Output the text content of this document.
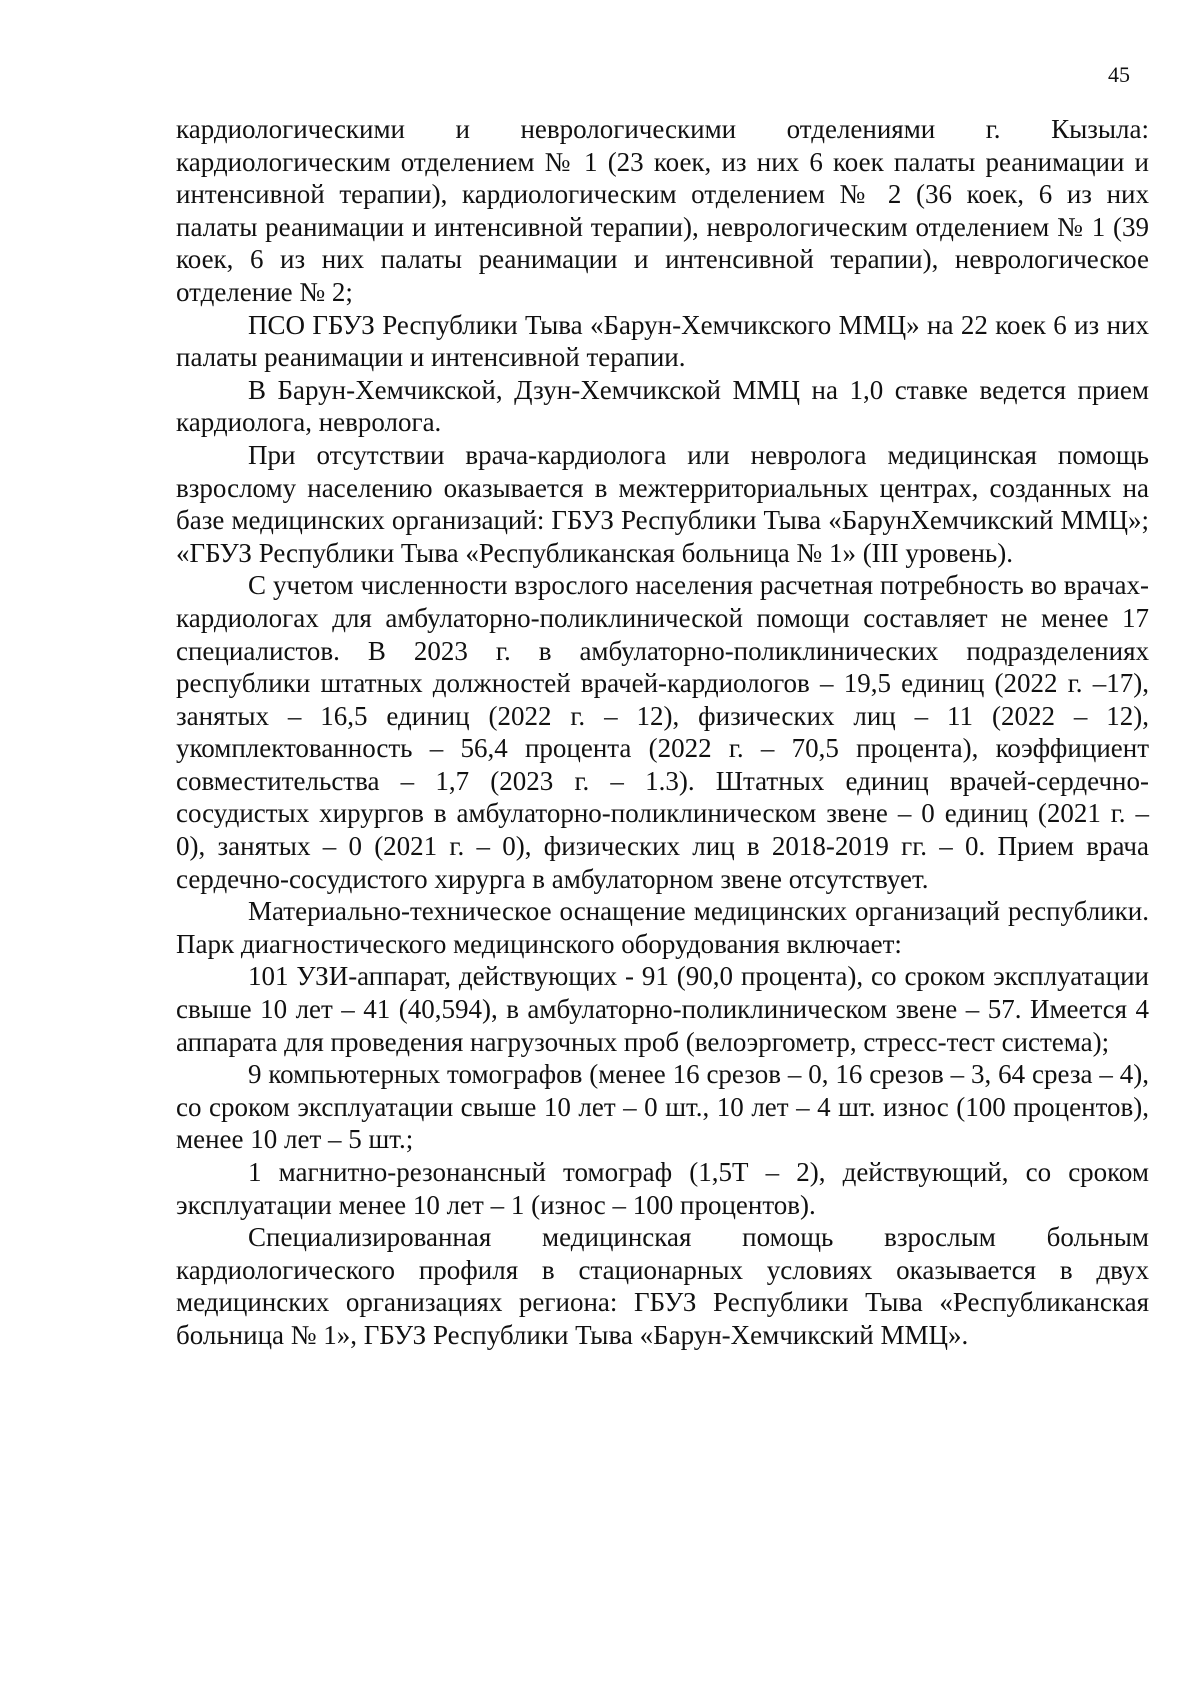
45

кардиологическими и неврологическими отделениями г. Кызыла: кардиологическим отделением № 1 (23 коек, из них 6 коек палаты реанимации и интенсивной терапии), кардиологическим отделением № 2 (36 коек, 6 из них палаты реанимации и интенсивной терапии), неврологическим отделением № 1 (39 коек, 6 из них палаты реанимации и интенсивной терапии), неврологическое отделение № 2;

ПСО ГБУЗ Республики Тыва «Барун-Хемчикского ММЦ» на 22 коек 6 из них палаты реанимации и интенсивной терапии.

В Барун-Хемчикской, Дзун-Хемчикской ММЦ на 1,0 ставке ведется прием кардиолога, невролога.

При отсутствии врача-кардиолога или невролога медицинская помощь взрослому населению оказывается в межтерриториальных центрах, созданных на базе медицинских организаций: ГБУЗ Республики Тыва «БарунХемчикский ММЦ»; «ГБУЗ Республики Тыва «Республиканская больница № 1» (III уровень).

С учетом численности взрослого населения расчетная потребность во врачах-кардиологах для амбулаторно-поликлинической помощи составляет не менее 17 специалистов. В 2023 г. в амбулаторно-поликлинических подразделениях республики штатных должностей врачей-кардиологов – 19,5 единиц (2022 г. –17), занятых – 16,5 единиц (2022 г. – 12), физических лиц – 11 (2022 – 12), укомплектованность – 56,4 процента (2022 г. – 70,5 процента), коэффициент совместительства – 1,7 (2023 г. – 1.3). Штатных единиц врачей-сердечно-сосудистых хирургов в амбулаторно-поликлиническом звене – 0 единиц (2021 г. – 0), занятых – 0 (2021 г. – 0), физических лиц в 2018-2019 гг. – 0. Прием врача сердечно-сосудистого хирурга в амбулаторном звене отсутствует.

Материально-техническое оснащение медицинских организаций республики. Парк диагностического медицинского оборудования включает:

101 УЗИ-аппарат, действующих - 91 (90,0 процента), со сроком эксплуатации свыше 10 лет – 41 (40,594), в амбулаторно-поликлиническом звене – 57. Имеется 4 аппарата для проведения нагрузочных проб (велоэргометр, стресс-тест система);

9 компьютерных томографов (менее 16 срезов – 0, 16 срезов – 3, 64 среза – 4), со сроком эксплуатации свыше 10 лет – 0 шт., 10 лет – 4 шт. износ (100 процентов), менее 10 лет – 5 шт.;

1 магнитно-резонансный томограф (1,5Т – 2), действующий, со сроком эксплуатации менее 10 лет – 1 (износ – 100 процентов).

Специализированная медицинская помощь взрослым больным кардиологического профиля в стационарных условиях оказывается в двух медицинских организациях региона: ГБУЗ Республики Тыва «Республиканская больница № 1», ГБУЗ Республики Тыва «Барун-Хемчикский ММЦ».
